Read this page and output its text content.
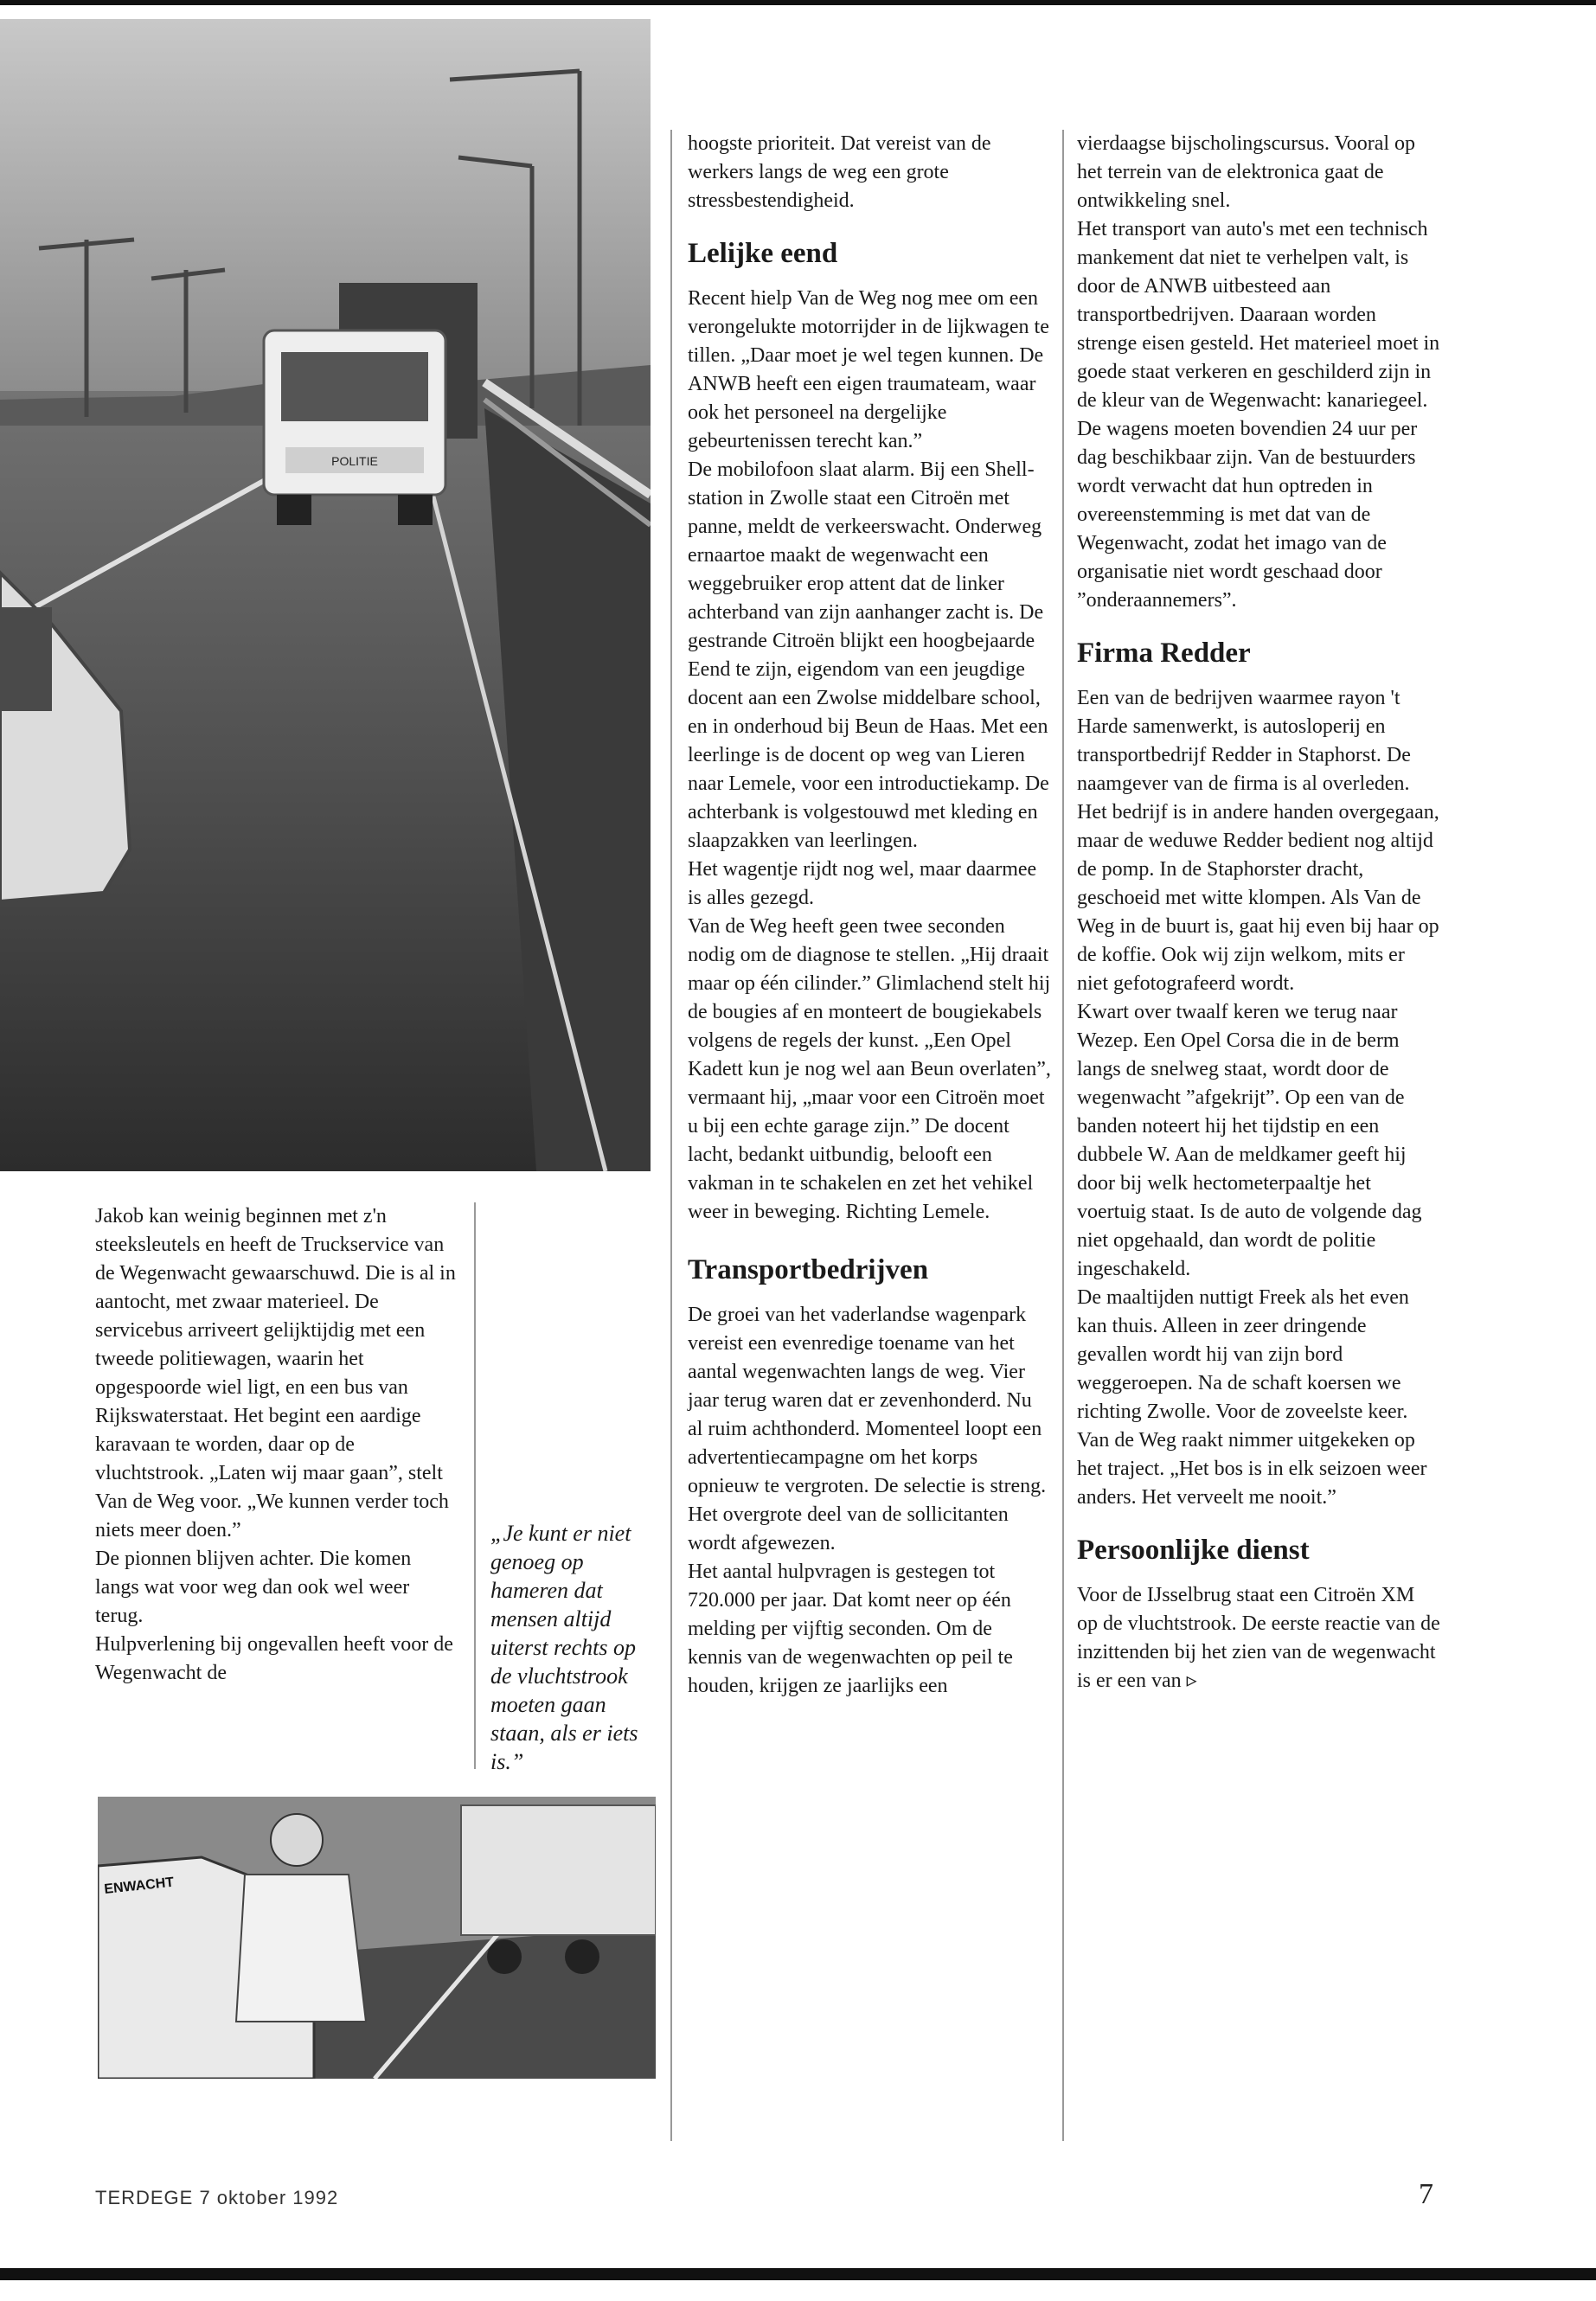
POLITIE

Jakob kan weinig beginnen met z'n steeksleutels en heeft de Truckservice van de Wegenwacht gewaarschuwd. Die is al in aantocht, met zwaar materieel. De servicebus arriveert gelijktijdig met een tweede politiewagen, waarin het opgespoorde wiel ligt, en een bus van Rijkswaterstaat. Het begint een aardige karavaan te worden, daar op de vluchtstrook. „Laten wij maar gaan”, stelt Van de Weg voor. „We kunnen verder toch niets meer doen.”

De pionnen blijven achter. Die komen langs wat voor weg dan ook wel weer terug.

Hulpverlening bij ongevallen heeft voor de Wegenwacht de

„Je kunt er niet genoeg op hameren dat mensen altijd uiterst rechts op de vluchtstrook moeten gaan staan, als er iets is.”
ENWACHT

hoogste prioriteit. Dat vereist van de werkers langs de weg een grote stressbestendigheid.

Lelijke eend

Recent hielp Van de Weg nog mee om een verongelukte motorrijder in de lijkwagen te tillen. „Daar moet je wel tegen kunnen. De ANWB heeft een eigen traumateam, waar ook het personeel na dergelijke gebeurtenissen terecht kan.”

De mobilofoon slaat alarm. Bij een Shell-station in Zwolle staat een Citroën met panne, meldt de verkeerswacht. Onderweg ernaartoe maakt de wegenwacht een weggebruiker erop attent dat de linker achterband van zijn aanhanger zacht is. De gestrande Citroën blijkt een hoogbejaarde Eend te zijn, eigendom van een jeugdige docent aan een Zwolse middelbare school, en in onderhoud bij Beun de Haas. Met een leerlinge is de docent op weg van Lieren naar Lemele, voor een introductiekamp. De achterbank is volgestouwd met kleding en slaapzakken van leerlingen.

Het wagentje rijdt nog wel, maar daarmee is alles gezegd.

Van de Weg heeft geen twee seconden nodig om de diagnose te stellen. „Hij draait maar op één cilinder.” Glimlachend stelt hij de bougies af en monteert de bougiekabels volgens de regels der kunst. „Een Opel Kadett kun je nog wel aan Beun overlaten”, vermaant hij, „maar voor een Citroën moet u bij een echte garage zijn.” De docent lacht, bedankt uitbundig, belooft een vakman in te schakelen en zet het vehikel weer in beweging. Richting Lemele.

Transportbedrijven

De groei van het vaderlandse wagenpark vereist een evenredige toename van het aantal wegenwachten langs de weg. Vier jaar terug waren dat er zevenhonderd. Nu al ruim achthonderd. Momenteel loopt een advertentiecampagne om het korps opnieuw te vergroten. De selectie is streng. Het overgrote deel van de sollicitanten wordt afgewezen.

Het aantal hulpvragen is gestegen tot 720.000 per jaar. Dat komt neer op één melding per vijftig seconden. Om de kennis van de wegenwachten op peil te houden, krijgen ze jaarlijks een

vierdaagse bijscholingscursus. Vooral op het terrein van de elektronica gaat de ontwikkeling snel.

Het transport van auto's met een technisch mankement dat niet te verhelpen valt, is door de ANWB uitbesteed aan transportbedrijven. Daaraan worden strenge eisen gesteld. Het materieel moet in goede staat verkeren en geschilderd zijn in de kleur van de Wegenwacht: kanariegeel. De wagens moeten bovendien 24 uur per dag beschikbaar zijn. Van de bestuurders wordt verwacht dat hun optreden in overeenstemming is met dat van de Wegenwacht, zodat het imago van de organisatie niet wordt geschaad door ”onderaannemers”.

Firma Redder

Een van de bedrijven waarmee rayon 't Harde samenwerkt, is autosloperij en transportbedrijf Redder in Staphorst. De naamgever van de firma is al overleden. Het bedrijf is in andere handen overgegaan, maar de weduwe Redder bedient nog altijd de pomp. In de Staphorster dracht, geschoeid met witte klompen. Als Van de Weg in de buurt is, gaat hij even bij haar op de koffie. Ook wij zijn welkom, mits er niet gefotografeerd wordt.

Kwart over twaalf keren we terug naar Wezep. Een Opel Corsa die in de berm langs de snelweg staat, wordt door de wegenwacht ”afgekrijt”. Op een van de banden noteert hij het tijdstip en een dubbele W. Aan de meldkamer geeft hij door bij welk hectometerpaaltje het voertuig staat. Is de auto de volgende dag niet opgehaald, dan wordt de politie ingeschakeld.

De maaltijden nuttigt Freek als het even kan thuis. Alleen in zeer dringende gevallen wordt hij van zijn bord weggeroepen. Na de schaft koersen we richting Zwolle. Voor de zoveelste keer. Van de Weg raakt nimmer uitgekeken op het traject. „Het bos is in elk seizoen weer anders. Het verveelt me nooit.”

Persoonlijke dienst

Voor de IJsselbrug staat een Citroën XM op de vluchtstrook. De eerste reactie van de inzittenden bij het zien van de wegenwacht is er een van ▹

TERDEGE 7 oktober 1992	7
